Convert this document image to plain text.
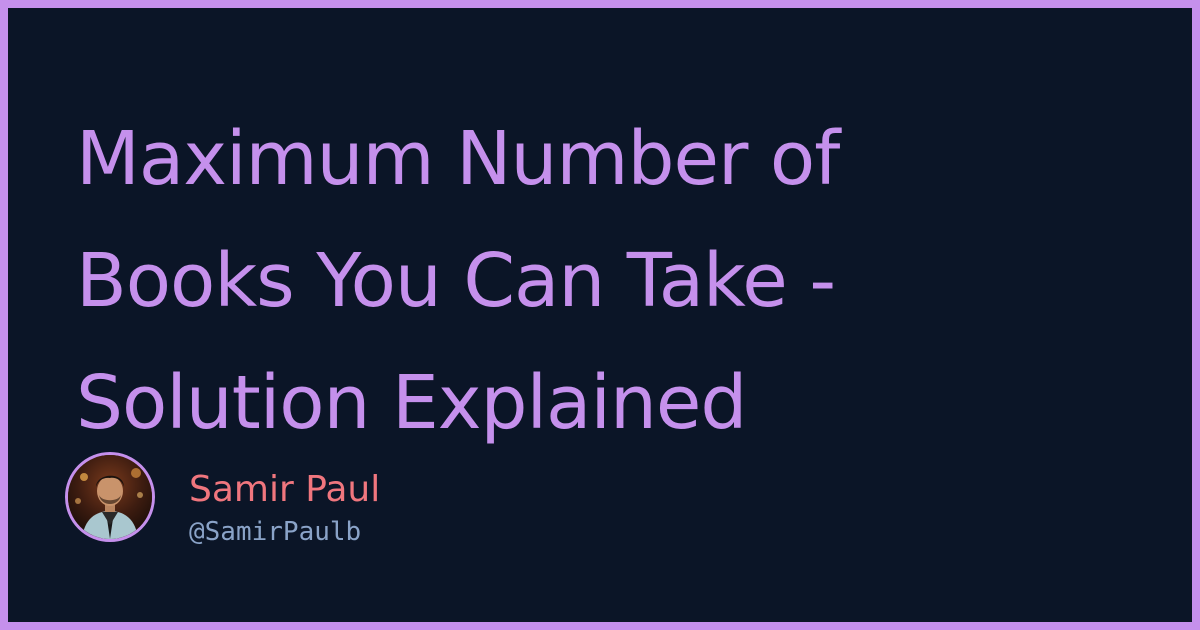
Maximum Number of
Books You Can Take -
Solution Explained

Samir Paul

@SamirPaulb
